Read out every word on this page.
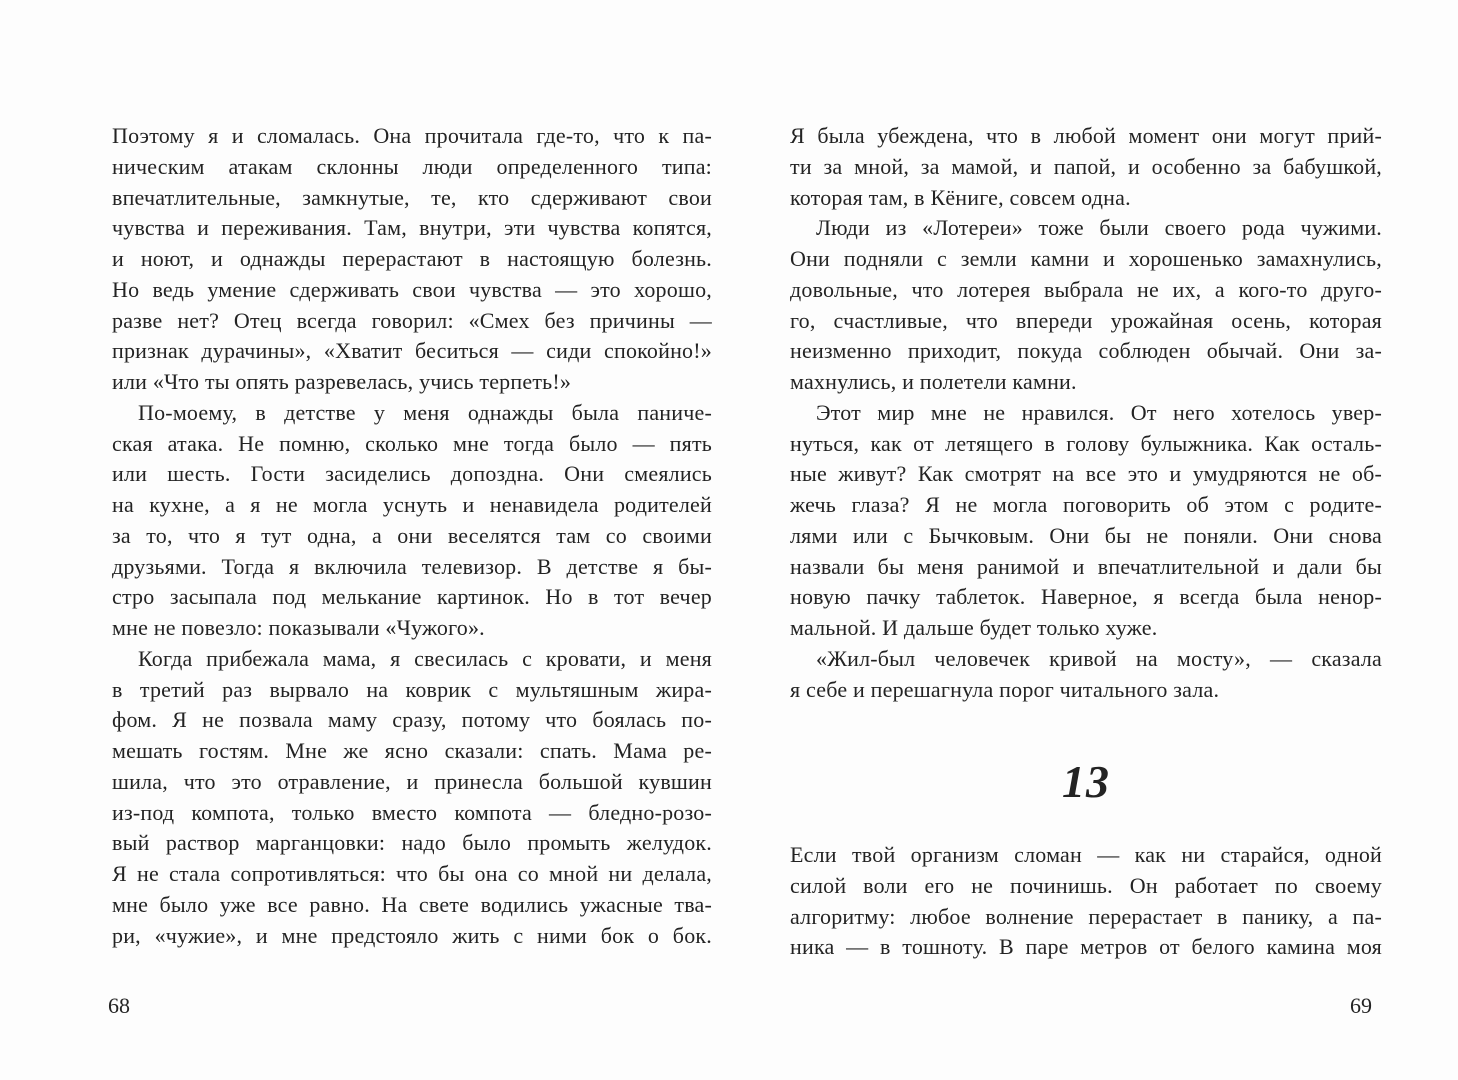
Поэтому я и сломалась. Она прочитала где-то, что к па-
ническим атакам склонны люди определенного типа:
впечатлительные, замкнутые, те, кто сдерживают свои
чувства и переживания. Там, внутри, эти чувства копятся,
и ноют, и однажды перерастают в настоящую болезнь.
Но ведь умение сдерживать свои чувства — это хорошо,
разве нет? Отец всегда говорил: «Смех без причины —
признак дурачины», «Хватит беситься — сиди спокойно!»
или «Что ты опять разревелась, учись терпеть!»
По-моему, в детстве у меня однажды была паниче-
ская атака. Не помню, сколько мне тогда было — пять
или шесть. Гости засиделись допоздна. Они смеялись
на кухне, а я не могла уснуть и ненавидела родителей
за то, что я тут одна, а они веселятся там со своими
друзьями. Тогда я включила телевизор. В детстве я бы-
стро засыпала под мелькание картинок. Но в тот вечер
мне не повезло: показывали «Чужого».
Когда прибежала мама, я свесилась с кровати, и меня
в третий раз вырвало на коврик с мультяшным жира-
фом. Я не позвала маму сразу, потому что боялась по-
мешать гостям. Мне же ясно сказали: спать. Мама ре-
шила, что это отравление, и принесла большой кувшин
из-под компота, только вместо компота — бледно-розо-
вый раствор марганцовки: надо было промыть желудок.
Я не стала сопротивляться: что бы она со мной ни делала,
мне было уже все равно. На свете водились ужасные тва-
ри, «чужие», и мне предстояло жить с ними бок о бок.
Я была убеждена, что в любой момент они могут прий-
ти за мной, за мамой, и папой, и особенно за бабушкой,
которая там, в Кёниге, совсем одна.
Люди из «Лотереи» тоже были своего рода чужими.
Они подняли с земли камни и хорошенько замахнулись,
довольные, что лотерея выбрала не их, а кого-то друго-
го, счастливые, что впереди урожайная осень, которая
неизменно приходит, покуда соблюден обычай. Они за-
махнулись, и полетели камни.
Этот мир мне не нравился. От него хотелось увер-
нуться, как от летящего в голову булыжника. Как осталь-
ные живут? Как смотрят на все это и умудряются не об-
жечь глаза? Я не могла поговорить об этом с родите-
лями или с Бычковым. Они бы не поняли. Они снова
назвали бы меня ранимой и впечатлительной и дали бы
новую пачку таблеток. Наверное, я всегда была ненор-
мальной. И дальше будет только хуже.
«Жил-был человечек кривой на мосту», — сказала
я себе и перешагнула порог читального зала.
13
Если твой организм сломан — как ни старайся, одной
силой воли его не починишь. Он работает по своему
алгоритму: любое волнение перерастает в панику, а па-
ника — в тошноту. В паре метров от белого камина моя
68	69
